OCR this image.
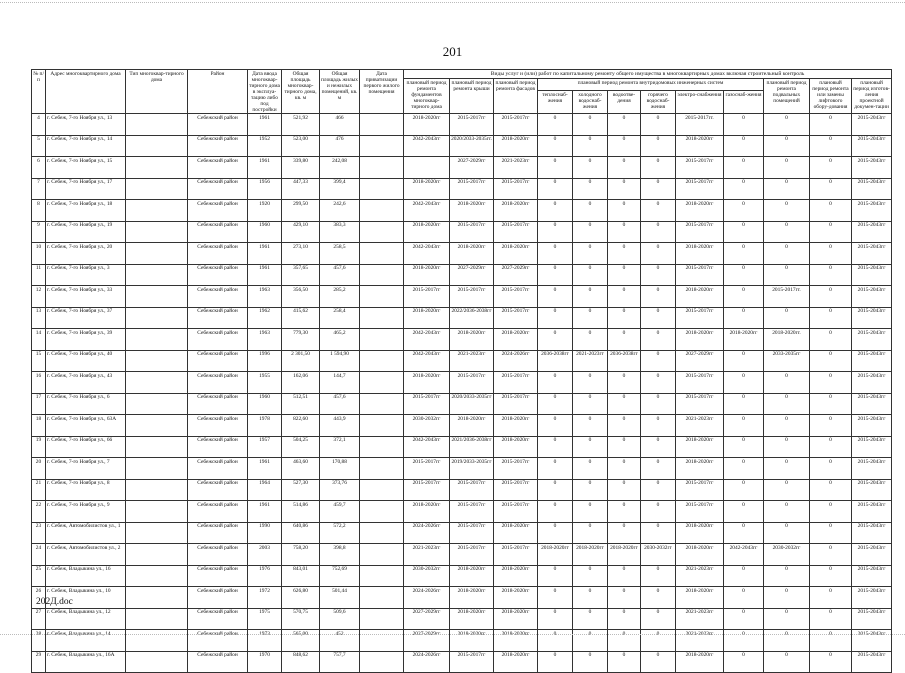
201
№ п/п	Адрес многоквартирного дома	Тип многоквар-тирного дома	Район	Дата ввода многоквар-тирного дома в эксплуа-тацию либо под постройки	Общая площадь многоквар-тирного дома, кв. м	Общая площадь жилых и нежилых помещений, кв. м	Дата приватизации первого жилого помещения	Виды услуг и (или) работ по капитальному ремонту общего имущества в многоквартирных домах включая строительный контроль											
								плановый период ремонта фундаментов многоквар-тирного дома	плановый период ремонта крыши	плановый период ремонта фасадов	плановый период ремонта внутридомовых инженерных систем						плановый период ремонта подвальных помещений	плановый период ремонта или замены лифтового обору-дования	плановый период изготов-ления проектной докумен-тации
											теплоснаб-жения	холодного водоснаб-жения	водоотве-дения	горячего водоснаб-жения	электро-снабжения	газоснаб-жения			
4	г. Себеж, 7-го Ноября ул., 13		Себежский район	1961	521,92	466		2018-2020гг	2015-2017гг	2015-2017гг	0	0	0	0	2015-2017гг.	0	0	0	2015-2043гг
5	г. Себеж, 7-го Ноября ул., 14		Себежский район	1952	523,00	476		2042-2043гг	2020/2033-2035гг.	2018-2020гг	0	0	0	0	2018-2020гг	0	0	0	2015-2043гг
6	г. Себеж, 7-го Ноября ул., 15		Себежский район	1961	339,80	242,08			2027-2029гг	2021-2023гг	0	0	0	0	2015-2017гг	0	0	0	2015-2043гг
7	г. Себеж, 7-го Ноября ул., 17		Себежский район	1956	447,33	399,4		2018-2020гг	2015-2017гг	2015-2017гг	0	0	0	0	2015-2017гг	0	0	0	2015-2043гг
8	г. Себеж, 7-го Ноября ул., 18		Себежский район	1920	299,50	242,6		2042-2043гг	2018-2020гг	2018-2020гг	0	0	0	0	2018-2020гг	0	0	0	2015-2043гг
9	г. Себеж, 7-го Ноября ул., 19		Себежский район	1960	429,10	383,3		2018-2020гг	2015-2017гг	2015-2017гг	0	0	0	0	2015-2017гг	0	0	0	2015-2043гг
10	г. Себеж, 7-го Ноября ул., 20		Себежский район	1961	273,10	258,5		2042-2043гг	2018-2020гг	2018-2020гг	0	0	0	0	2018-2020гг	0	0	0	2015-2043гг
11	г. Себеж, 7-го Ноября ул., 3		Себежский район	1961	357,65	457,6		2018-2020гг	2027-2029гг	2027-2029гг	0	0	0	0	2015-2017гг	0	0	0	2015-2043гг
12	г. Себеж, 7-го Ноября ул., 33		Себежский район	1963	356,50	285,2		2015-2017гг	2015-2017гг	2015-2017гг	0	0	0	0	2018-2020гг	0	2015-2017гг.	0	2015-2043гг
13	г. Себеж, 7-го Ноября ул., 37		Себежский район	1962	415,62	258,4		2018-2020гг	2022/2036-2038гг	2015-2017гг	0	0	0	0	2015-2017гг	0	0	0	2015-2043гг
14	г. Себеж, 7-го Ноября ул., 39		Себежский район	1963	779,30	465,2		2042-2043гг	2018-2020гг	2018-2020гг	0	0	0	0	2018-2020гг	2018-2020гг	2018-2020гг.	0	2015-2043гг
15	г. Себеж, 7-го Ноября ул., 40		Себежский район	1996	2 301,50	1 594,90		2042-2043гг	2021-2023гг	2024-2026гг	2036-2038гг	2021-2023гг	2036-2038гг	0	2027-2029гг	0	2033-2035гг	0	2015-2043гг
16	г. Себеж, 7-го Ноября ул., 43		Себежский район	1955	162,06	144,7		2018-2020гг	2015-2017гг	2015-2017гг	0	0	0	0	2015-2017гг	0	0	0	2015-2043гг
17	г. Себеж, 7-го Ноября ул., 6		Себежский район	1960	512,51	457,6		2015-2017гг	2020/2033-2035гг	2015-2017гг	0	0	0	0	2015-2017гг	0	0	0	2015-2043гг
18	г. Себеж, 7-го Ноября ул., 63А		Себежский район	1978	822,60	443,9		2030-2032гг	2018-2020гг	2018-2020гг	0	0	0	0	2021-2023гг	0	0	0	2015-2043гг
19	г. Себеж, 7-го Ноября ул., 66		Себежский район	1957	504,25	372,1		2042-2043гг	2021/2036-2038гг	2018-2020гг	0	0	0	0	2018-2020гг	0	0	0	2015-2043гг
20	г. Себеж, 7-го Ноября ул., 7		Себежский район	1961	463,60	170,88		2015-2017гг	2019/2033-2035гг	2015-2017гг	0	0	0	0	2018-2020гг	0	0	0	2015-2043гг
21	г. Себеж, 7-го Ноября ул., 8		Себежский район	1964	527,30	373,76		2015-2017гг	2015-2017гг	2015-2017гг	0	0	0	0	2015-2017гг	0	0	0	2015-2043гг
22	г. Себеж, 7-го Ноября ул., 9		Себежский район	1961	514,86	459,7		2018-2020гг	2015-2017гг	2015-2017гг	0	0	0	0	2015-2017гг	0	0	0	2015-2043гг
23	г. Себеж, Автомобилистов ул., 1		Себежский район	1990	640,86	572,2		2024-2026гг	2015-2017гг	2018-2020гг	0	0	0	0	2018-2020гг	0	0	0	2015-2043гг
24	г. Себеж, Автомобилистов ул., 2		Себежский район	2003	758,20	398,8		2021-2023гг	2015-2017гг	2015-2017гг	2018-2020гг	2018-2020гг	2018-2020гг	2030-2032гг	2018-2020гг	2042-2043гг	2030-2032гг	0	2015-2043гг
25	г. Себеж, Владыкина ул., 16		Себежский район	1976	843,01	752,69		2030-2032гг	2018-2020гг	2018-2020гг	0	0	0	0	2021-2023гг	0	0	0	2015-2043гг
26	г. Себеж, Владыкина ул., 10		Себежский район	1972	626,80	501,44		2024-2026гг	2018-2020гг	2018-2020гг	0	0	0	0	2018-2020гг	0	0	0	2015-2043гг
27	г. Себеж, Владыкина ул., 12		Себежский район	1975	570,75	509,6		2027-2029гг	2018-2020гг	2018-2020гг	0	0	0	0	2021-2023гг	0	0	0	2015-2043гг
28	г. Себеж, Владыкина ул., 14		Себежский район	1973	565,00	452		2027-2029гг	2018-2020гг	2018-2020гг	0	0	0	0	2021-2023гг	0	0	0	2015-2043гг
29	г. Себеж, Владыкина ул., 16А		Себежский район	1970	848,62	757,7		2024-2026гг	2015-2017гг	2018-2020гг	0	0	0	0	2018-2020гг	0	0	0	2015-2043гг
202Д.doc
